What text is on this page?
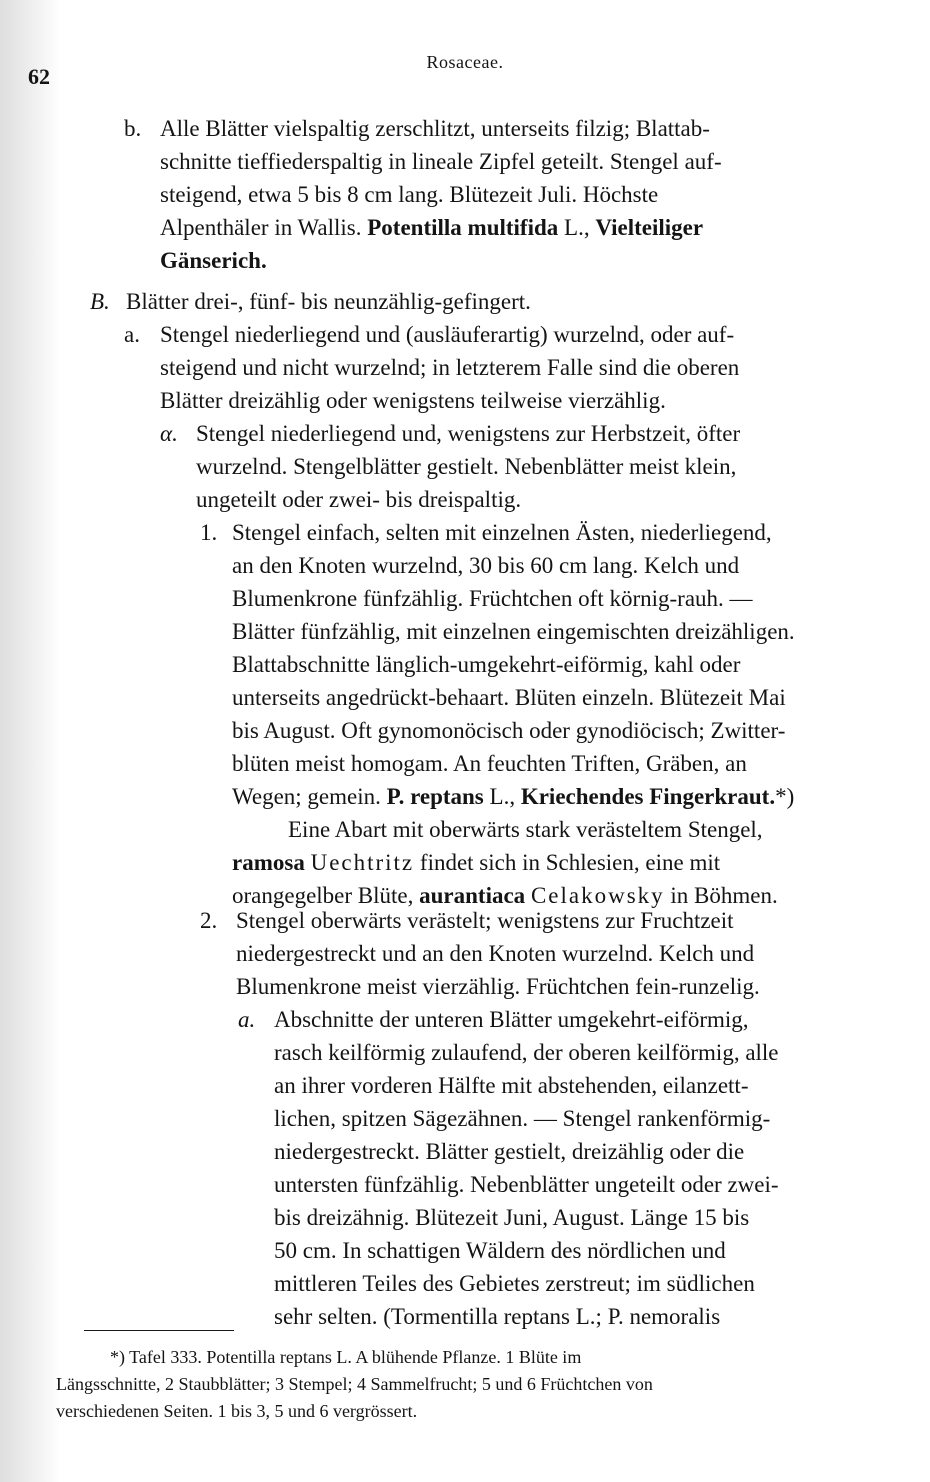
62
Rosaceae.
b. Alle Blätter vielspaltig zerschlitzt, unterseits filzig; Blattab-
schnitte tieffiederspaltig in lineale Zipfel geteilt. Stengel auf-
steigend, etwa 5 bis 8 cm lang. Blütezeit Juli. Höchste
Alpenthäler in Wallis. Potentilla multifida L., Vielteiliger
Gänserich.
B. Blätter drei-, fünf- bis neunzählig-gefingert.
a. Stengel niederliegend und (ausläuferartig) wurzelnd, oder auf-
steigend und nicht wurzelnd; in letzterem Falle sind die oberen
Blätter dreizählig oder wenigstens teilweise vierzählig.
α. Stengel niederliegend und, wenigstens zur Herbstzeit, öfter
wurzelnd. Stengelblätter gestielt. Nebenblätter meist klein,
ungeteilt oder zwei- bis dreispaltig.
1. Stengel einfach, selten mit einzelnen Ästen, niederliegend,
an den Knoten wurzelnd, 30 bis 60 cm lang. Kelch und
Blumenkrone fünfzählig. Früchtchen oft körnig-rauh. —
Blätter fünfzählig, mit einzelnen eingemischten dreizähligen.
Blattabschnitte länglich-umgekehrt-eiförmig, kahl oder
unterseits angedrückt-behaart. Blüten einzeln. Blütezeit Mai
bis August. Oft gynomonöcisch oder gynodiöcisch; Zwitter-
blüten meist homogam. An feuchten Triften, Gräben, an
Wegen; gemein. P. reptans L., Kriechendes Fingerkraut.*)
Eine Abart mit oberwärts stark verästeltem Stengel,
ramosa Uechtritz findet sich in Schlesien, eine mit
orangegelber Blüte, aurantiaca Celakowsky in Böhmen.
2. Stengel oberwärts verästelt; wenigstens zur Fruchtzeit
niedergestreckt und an den Knoten wurzelnd. Kelch und
Blumenkrone meist vierzählig. Früchtchen fein-runzelig.
a. Abschnitte der unteren Blätter umgekehrt-eiförmig,
rasch keilförmig zulaufend, der oberen keilförmig, alle
an ihrer vorderen Hälfte mit abstehenden, eilanzett-
lichen, spitzen Sägezähnen. — Stengel rankenförmig-
niedergestreckt. Blätter gestielt, dreizählig oder die
untersten fünfzählig. Nebenblätter ungeteilt oder zwei-
bis dreizähnig. Blütezeit Juni, August. Länge 15 bis
50 cm. In schattigen Wäldern des nördlichen und
mittleren Teiles des Gebietes zerstreut; im südlichen
sehr selten. (Tormentilla reptans L.; P. nemoralis
*) Tafel 333. Potentilla reptans L. A blühende Pflanze. 1 Blüte im
Längsschnitte, 2 Staubblätter; 3 Stempel; 4 Sammelfrucht; 5 und 6 Früchtchen von
verschiedenen Seiten. 1 bis 3, 5 und 6 vergrössert.
